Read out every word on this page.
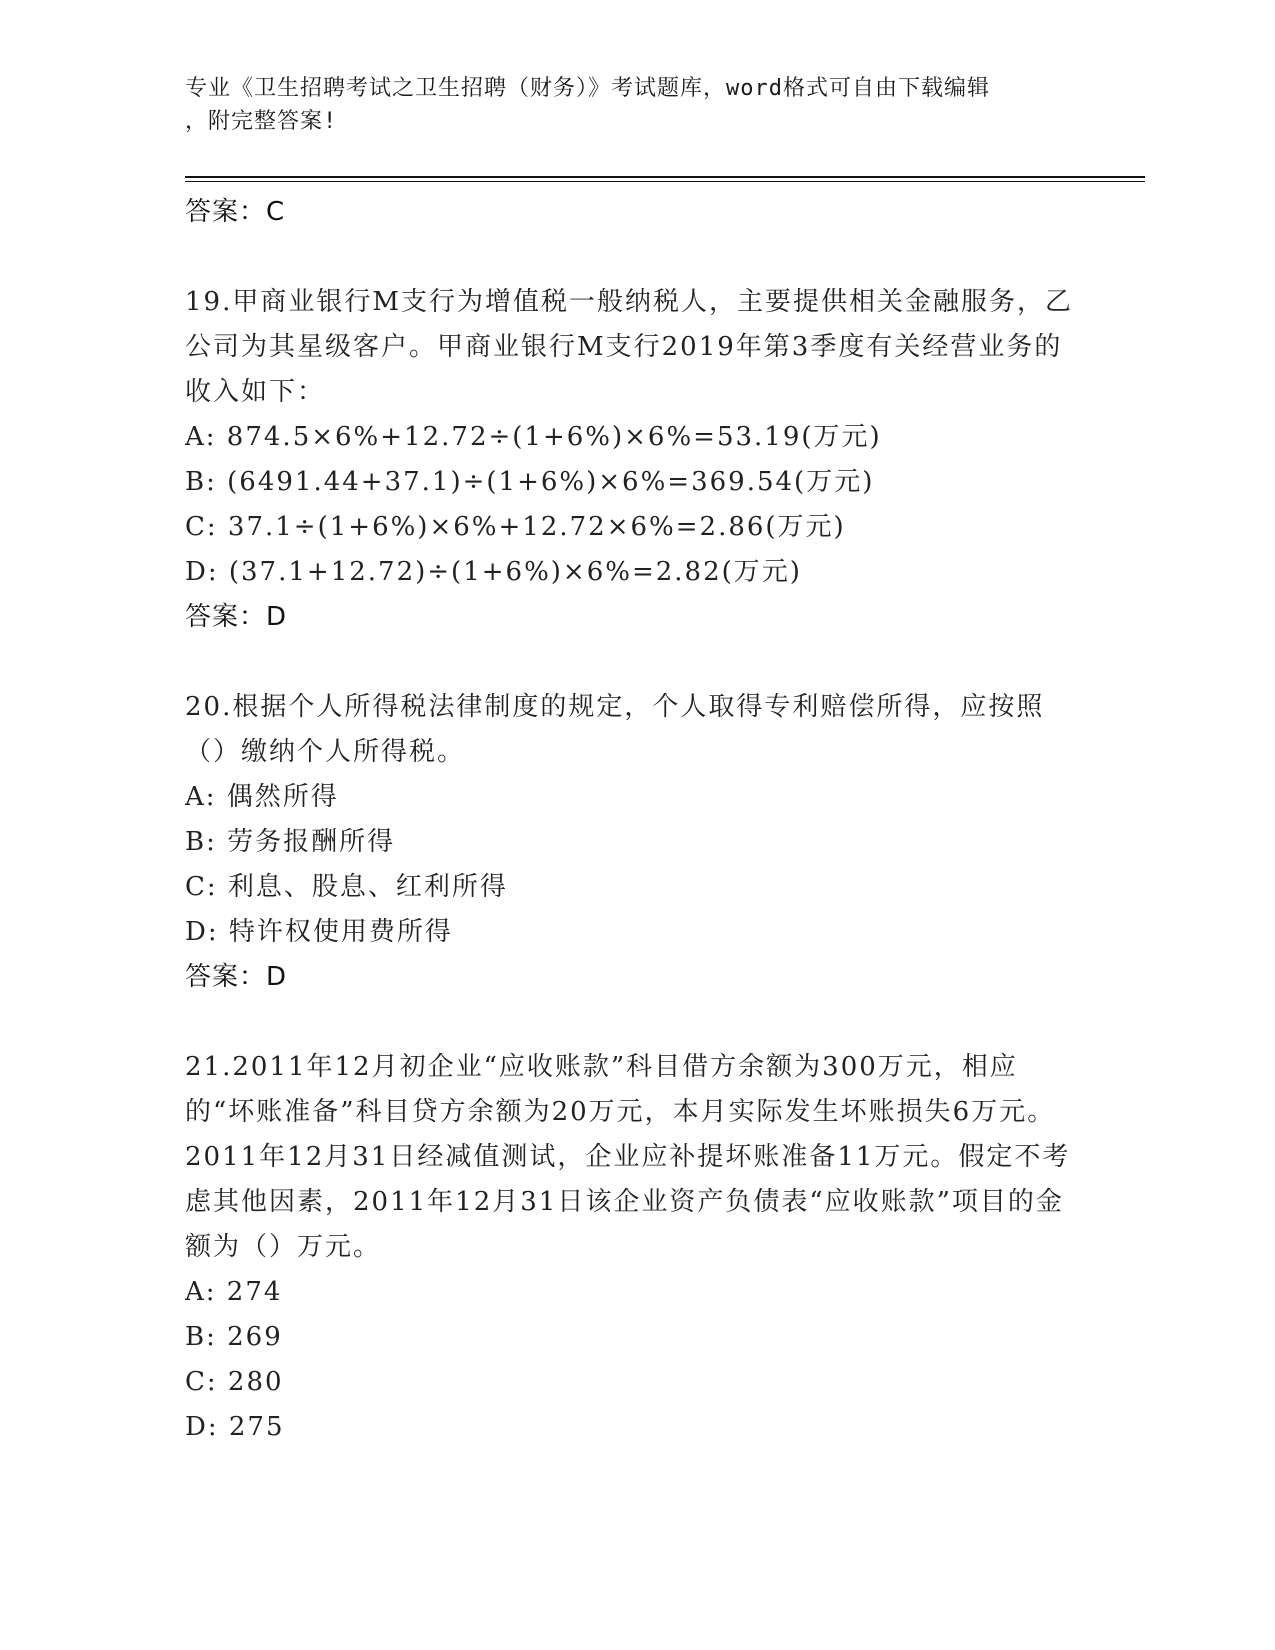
专业《卫生招聘考试之卫生招聘（财务）》考试题库，word格式可自由下载编辑
，附完整答案!
答案：C
19.甲商业银行M支行为增值税一般纳税人，主要提供相关金融服务，乙公司为其星级客户。甲商业银行M支行2019年第3季度有关经营业务的收入如下：
A: 874.5×6%+12.72÷(1+6%)×6%=53.19(万元)
B: (6491.44+37.1)÷(1+6%)×6%=369.54(万元)
C: 37.1÷(1+6%)×6%+12.72×6%=2.86(万元)
D: (37.1+12.72)÷(1+6%)×6%=2.82(万元)
答案：D
20.根据个人所得税法律制度的规定，个人取得专利赔偿所得，应按照（）缴纳个人所得税。
A: 偶然所得
B: 劳务报酬所得
C: 利息、股息、红利所得
D: 特许权使用费所得
答案：D
21.2011年12月初企业“应收账款”科目借方余额为300万元，相应的“坏账准备”科目贷方余额为20万元，本月实际发生坏账损失6万元。2011年12月31日经减值测试，企业应补提坏账准备11万元。假定不考虑其他因素，2011年12月31日该企业资产负债表“应收账款”项目的金额为（）万元。
A: 274
B: 269
C: 280
D: 275
